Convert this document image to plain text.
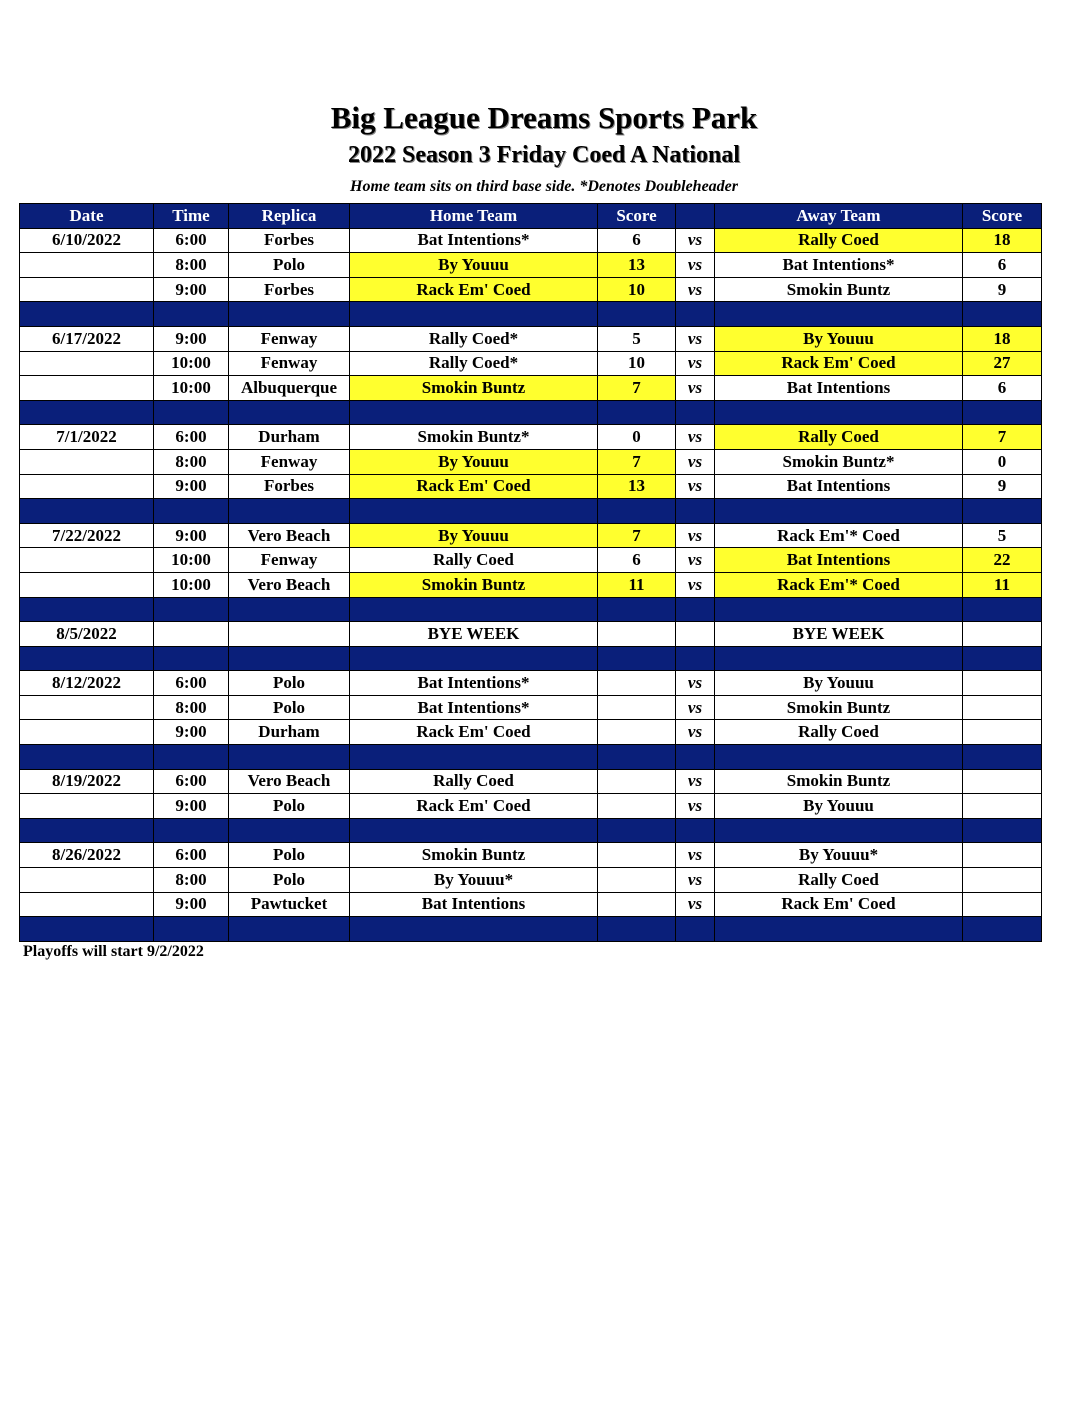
Big League Dreams Sports Park
2022 Season 3 Friday Coed A National
Home team sits on third base side. *Denotes Doubleheader
Date	Time	Replica	Home Team	Score		Away Team	Score
6/10/2022	6:00	Forbes	Bat Intentions*	6	vs	Rally Coed	18
	8:00	Polo	By Youuu	13	vs	Bat Intentions*	6
	9:00	Forbes	Rack Em' Coed	10	vs	Smokin Buntz	9

6/17/2022	9:00	Fenway	Rally Coed*	5	vs	By Youuu	18
	10:00	Fenway	Rally Coed*	10	vs	Rack Em' Coed	27
	10:00	Albuquerque	Smokin Buntz	7	vs	Bat Intentions	6

7/1/2022	6:00	Durham	Smokin Buntz*	0	vs	Rally Coed	7
	8:00	Fenway	By Youuu	7	vs	Smokin Buntz*	0
	9:00	Forbes	Rack Em' Coed	13	vs	Bat Intentions	9

7/22/2022	9:00	Vero Beach	By Youuu	7	vs	Rack Em'* Coed	5
	10:00	Fenway	Rally Coed	6	vs	Bat Intentions	22
	10:00	Vero Beach	Smokin Buntz	11	vs	Rack Em'* Coed	11

8/5/2022			BYE WEEK			BYE WEEK	

8/12/2022	6:00	Polo	Bat Intentions*		vs	By Youuu	
	8:00	Polo	Bat Intentions*		vs	Smokin Buntz	
	9:00	Durham	Rack Em' Coed		vs	Rally Coed	

8/19/2022	6:00	Vero Beach	Rally Coed		vs	Smokin Buntz	
	9:00	Polo	Rack Em' Coed		vs	By Youuu	

8/26/2022	6:00	Polo	Smokin Buntz		vs	By Youuu*	
	8:00	Polo	By Youuu*		vs	Rally Coed	
	9:00	Pawtucket	Bat Intentions		vs	Rack Em' Coed	

Playoffs will start 9/2/2022
